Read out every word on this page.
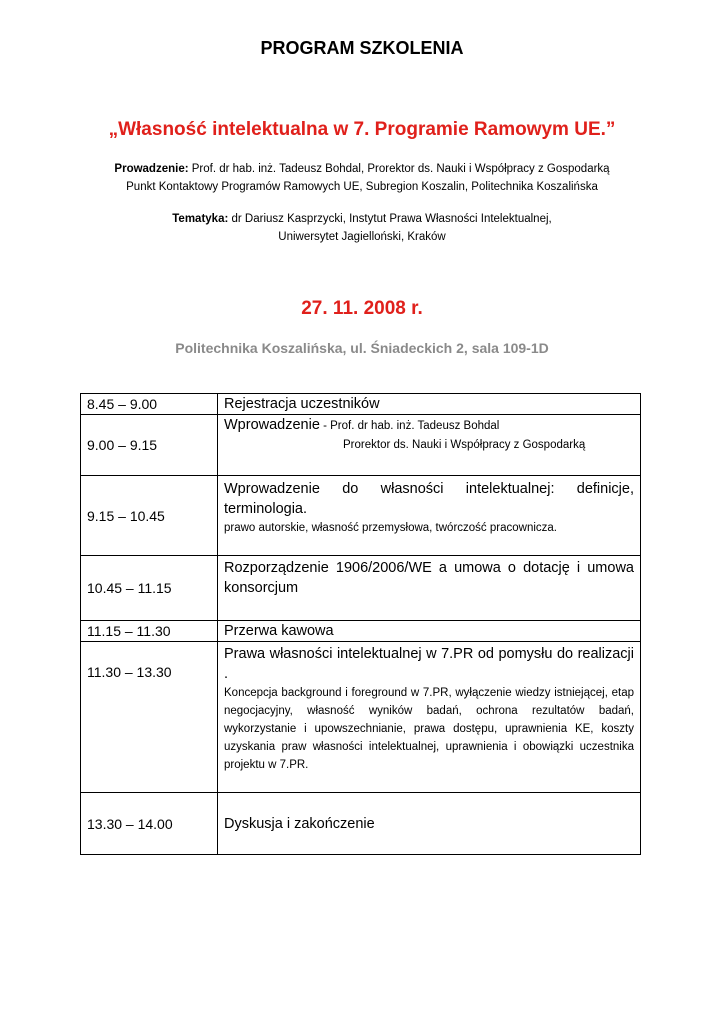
PROGRAM SZKOLENIA
„Własność intelektualna w 7. Programie Ramowym UE.”
Prowadzenie: Prof. dr hab. inż. Tadeusz Bohdal, Prorektor ds. Nauki i Współpracy z Gospodarką
Punkt Kontaktowy Programów Ramowych UE, Subregion Koszalin, Politechnika Koszalińska
Tematyka: dr Dariusz Kasprzycki, Instytut Prawa Własności Intelektualnej,
Uniwersytet Jagielloński, Kraków
27. 11. 2008 r.
Politechnika Koszalińska, ul. Śniadeckich 2, sala 109-1D
8.45 – 9.00	Rejestracja uczestników

9.00 – 9.15	Wprowadzenie - Prof. dr hab. inż. Tadeusz Bohdal
Prorektor ds. Nauki i Współpracy z Gospodarką

9.15 – 10.45	Wprowadzenie do własności intelektualnej: definicje, terminologia.
prawo autorskie, własność przemysłowa, twórczość pracownicza.

10.45 – 11.15	Rozporządzenie 1906/2006/WE a umowa o dotację i umowa konsorcjum

11.15 – 11.30	Przerwa kawowa

11.30 – 13.30	Prawa własności intelektualnej w 7.PR od pomysłu do realizacji .
Koncepcja background i foreground w 7.PR, wyłączenie wiedzy istniejącej, etap negocjacyjny, własność wyników badań, ochrona rezultatów badań, wykorzystanie i upowszechnianie, prawa dostępu, uprawnienia KE, koszty uzyskania praw własności intelektualnej, uprawnienia i obowiązki uczestnika projektu w 7.PR.

13.30 – 14.00	Dyskusja i zakończenie
